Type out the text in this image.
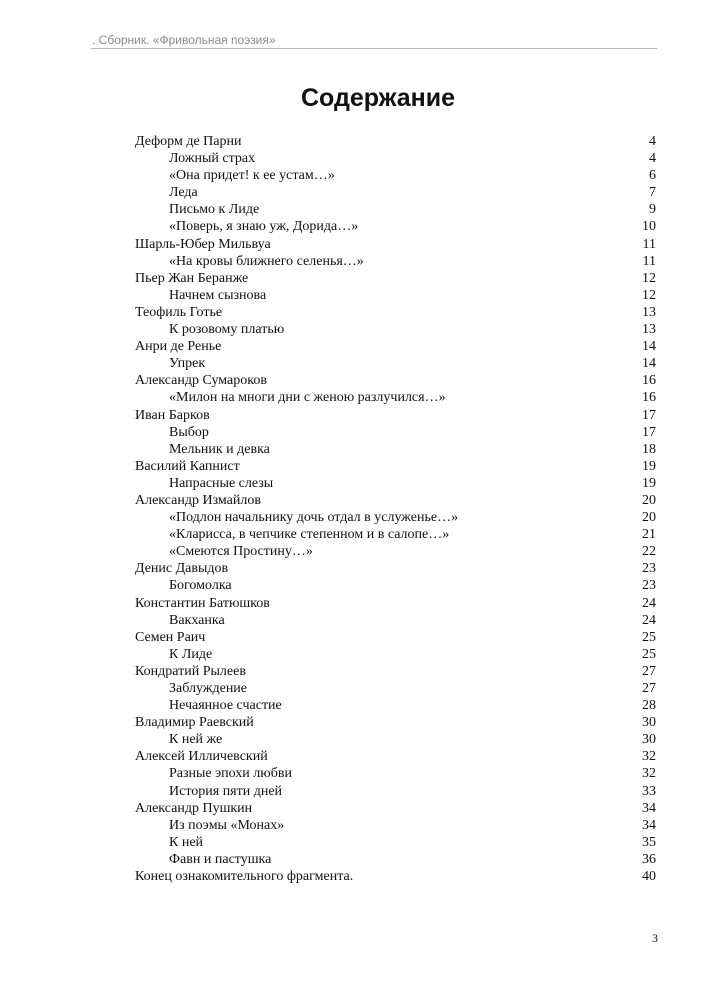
. Сборник. «Фривольная поэзия»
Содержание
Деформ де Парни	4
Ложный страх	4
«Она придет! к ее устам…»	6
Леда	7
Письмо к Лиде	9
«Поверь, я знаю уж, Дорида…»	10
Шарль-Юбер Мильвуа	11
«На кровы ближнего селенья…»	11
Пьер Жан Беранже	12
Начнем сызнова	12
Теофиль Готье	13
К розовому платью	13
Анри де Ренье	14
Упрек	14
Александр Сумароков	16
«Милон на многи дни с женою разлучился…»	16
Иван Барков	17
Выбор	17
Мельник и девка	18
Василий Капнист	19
Напрасные слезы	19
Александр Измайлов	20
«Подлон начальнику дочь отдал в услуженье…»	20
«Кларисса, в чепчике степенном и в салопе…»	21
«Смеются Простину…»	22
Денис Давыдов	23
Богомолка	23
Константин Батюшков	24
Вакханка	24
Семен Раич	25
К Лиде	25
Кондратий Рылеев	27
Заблуждение	27
Нечаянное счастие	28
Владимир Раевский	30
К ней же	30
Алексей Илличевский	32
Разные эпохи любви	32
История пяти дней	33
Александр Пушкин	34
Из поэмы «Монах»	34
К ней	35
Фавн и пастушка	36
Конец ознакомительного фрагмента.	40
3
